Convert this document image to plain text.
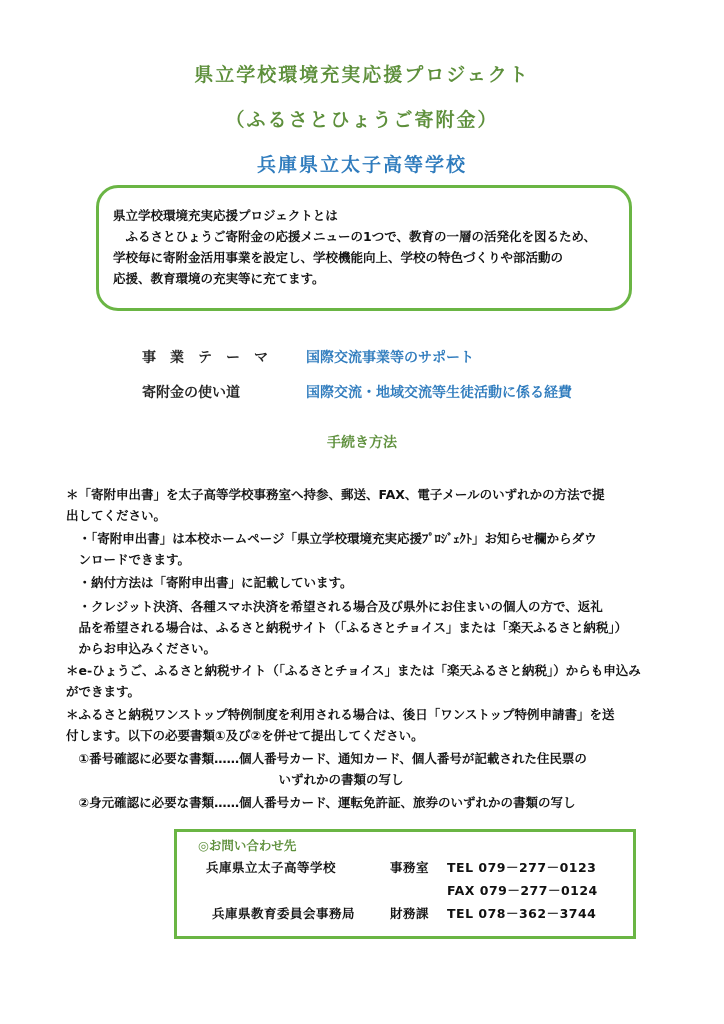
県立学校環境充実応援プロジェクト
（ふるさとひょうご寄附金）
兵庫県立太子高等学校
県立学校環境充実応援プロジェクトとは
　ふるさとひょうご寄附金の応援メニューの1つで、教育の一層の活発化を図るため、
学校毎に寄附金活用事業を設定し、学校機能向上、学校の特色づくりや部活動の
応援、教育環境の充実等に充てます。
事　業　テ　ー　マ	国際交流事業等のサポート
寄附金の使い道	国際交流・地域交流等生徒活動に係る経費
手続き方法
＊「寄附申出書」を太子高等学校事務室へ持参、郵送、FAX、電子メールのいずれかの方法で提
出してください。
　・「寄附申出書」は本校ホームページ「県立学校環境充実応援ﾌﾟﾛｼﾞｪｸﾄ」お知らせ欄からダウ
　ンロードできます。
　・納付方法は「寄附申出書」に記載しています。
　・クレジット決済、各種スマホ決済を希望される場合及び県外にお住まいの個人の方で、返礼
　品を希望される場合は、ふるさと納税サイト（「ふるさとチョイス」または「楽天ふるさと納税」）
　からお申込みください。
＊e-ひょうご、ふるさと納税サイト（「ふるさとチョイス」または「楽天ふるさと納税」）からも申込み
ができます。
＊ふるさと納税ワンストップ特例制度を利用される場合は、後日「ワンストップ特例申請書」を送
付します。以下の必要書類①及び②を併せて提出してください。
　①番号確認に必要な書類……個人番号カード、通知カード、個人番号が記載された住民票の
　　　　　　　　　　　　　　　　　いずれかの書類の写し
　②身元確認に必要な書類……個人番号カード、運転免許証、旅券のいずれかの書類の写し
◎お問い合わせ先
兵庫県立太子高等学校	事務室 TEL 079－277－0123
FAX 079－277－0124
兵庫県教育委員会事務局	財務課 TEL 078－362－3744
